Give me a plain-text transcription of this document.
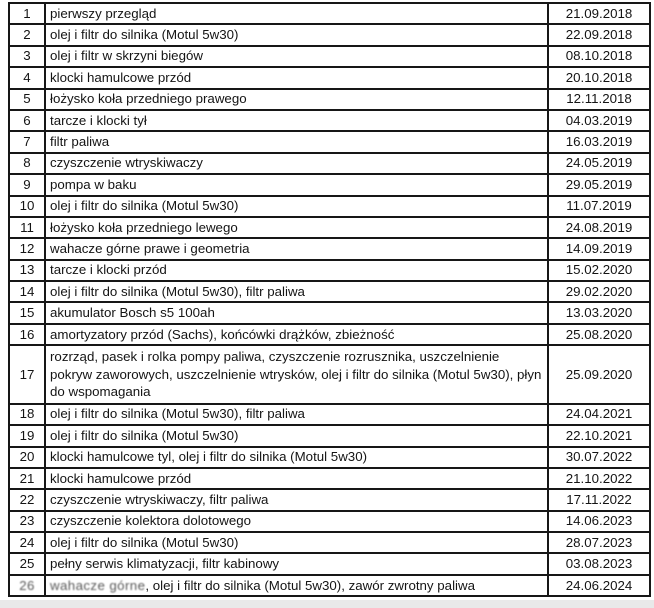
1	pierwszy przegląd	21.09.2018
2	olej i filtr do silnika (Motul 5w30)	22.09.2018
3	olej i filtr w skrzyni biegów	08.10.2018
4	klocki hamulcowe przód	20.10.2018
5	łożysko koła przedniego prawego	12.11.2018
6	tarcze i klocki tył	04.03.2019
7	filtr paliwa	16.03.2019
8	czyszczenie wtryskiwaczy	24.05.2019
9	pompa w baku	29.05.2019
10	olej i filtr do silnika (Motul 5w30)	11.07.2019
11	łożysko koła przedniego lewego	24.08.2019
12	wahacze górne prawe i geometria	14.09.2019
13	tarcze i klocki przód	15.02.2020
14	olej i filtr do silnika (Motul 5w30), filtr paliwa	29.02.2020
15	akumulator Bosch s5 100ah	13.03.2020
16	amortyzatory przód (Sachs), końcówki drążków, zbieżność	25.08.2020
17	rozrząd, pasek i rolka pompy paliwa, czyszczenie rozrusznika, uszczelnienie pokryw zaworowych, uszczelnienie wtrysków, olej i filtr do silnika (Motul 5w30), płyn do wspomagania	25.09.2020
18	olej i filtr do silnika (Motul 5w30), filtr paliwa	24.04.2021
19	olej i filtr do silnika (Motul 5w30)	22.10.2021
20	klocki hamulcowe tyl, olej i filtr do silnika (Motul 5w30)	30.07.2022
21	klocki hamulcowe przód	21.10.2022
22	czyszczenie wtryskiwaczy, filtr paliwa	17.11.2022
23	czyszczenie kolektora dolotowego	14.06.2023
24	olej i filtr do silnika (Motul 5w30)	28.07.2023
25	pełny serwis klimatyzacji, filtr kabinowy	03.08.2023
26	wahacze górne, olej i filtr do silnika (Motul 5w30), zawór zwrotny paliwa	24.06.2024
